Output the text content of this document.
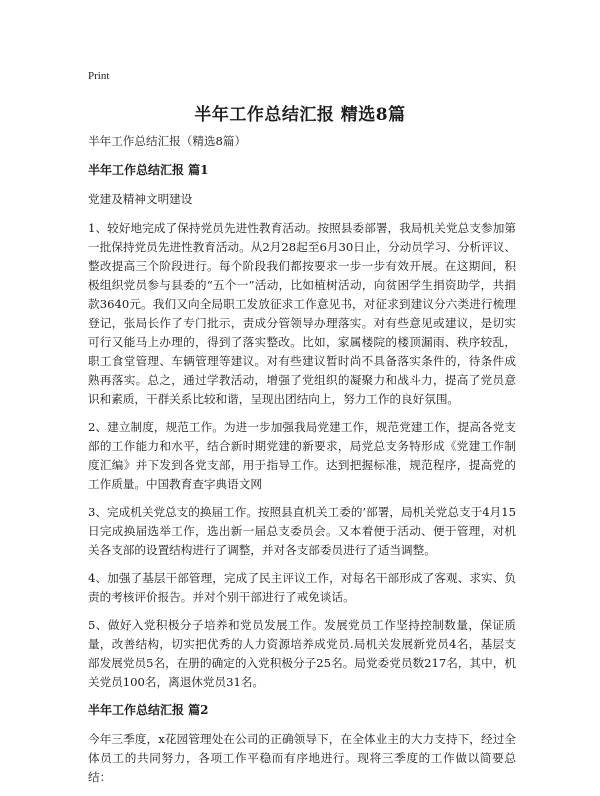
Print
半年工作总结汇报 精选8篇

半年工作总结汇报（精选8篇）

半年工作总结汇报 篇1

党建及精神文明建设

1、较好地完成了保持党员先进性教育活动。按照县委部署，我局机关党总支参加第一批保持党员先进性教育活动。从2月28起至6月30日止，分动员学习、分析评议、整改提高三个阶段进行。每个阶段我们都按要求一步一步有效开展。在这期间，积极组织党员参与县委的“五个一”活动，比如植树活动，向贫困学生捐资助学，共捐款3640元。我们又向全局职工发放征求工作意见书，对征求到建议分六类进行梳理登记，张局长作了专门批示，责成分管领导办理落实。对有些意见或建议，是切实可行又能马上办理的，得到了落实整改。比如，家属楼院的楼顶漏雨、秩序较乱，职工食堂管理、车辆管理等建议。对有些建议暂时尚不具备落实条件的，待条件成熟再落实。总之，通过学教活动，增强了党组织的凝聚力和战斗力，提高了党员意识和素质，干群关系比较和谐，呈现出团结向上，努力工作的良好氛围。

2、建立制度，规范工作。为进一步加强我局党建工作，规范党建工作，提高各党支部的工作能力和水平，结合新时期党建的新要求，局党总支务特形成《党建工作制度汇编》并下发到各党支部，用于指导工作。达到把握标准，规范程序，提高党的工作质量。中国教育查字典语文网

3、完成机关党总支的换届工作。按照县直机关工委的’部署，局机关党总支于4月15日完成换届选举工作，选出新一届总支委员会。又本着便于活动、便于管理，对机关各支部的设置结构进行了调整，并对各支部委员进行了适当调整。

4、加强了基层干部管理，完成了民主评议工作，对每名干部形成了客观、求实、负责的考核评价报告。并对个别干部进行了戒免谈话。

5、做好入党积极分子培养和党员发展工作。发展党员工作坚持控制数量，保证质量，改善结构，切实把优秀的人力资源培养成党员.局机关发展新党员4名，基层支部发展党员5名，在册的确定的入党积极分子25名。局党委党员数217名，其中，机关党员100名，离退休党员31名。

半年工作总结汇报 篇2

今年三季度，x花园管理处在公司的正确领导下，在全体业主的大力支持下，经过全体员工的共同努力，各项工作平稳而有序地进行。现将三季度的工作做以简要总结：
